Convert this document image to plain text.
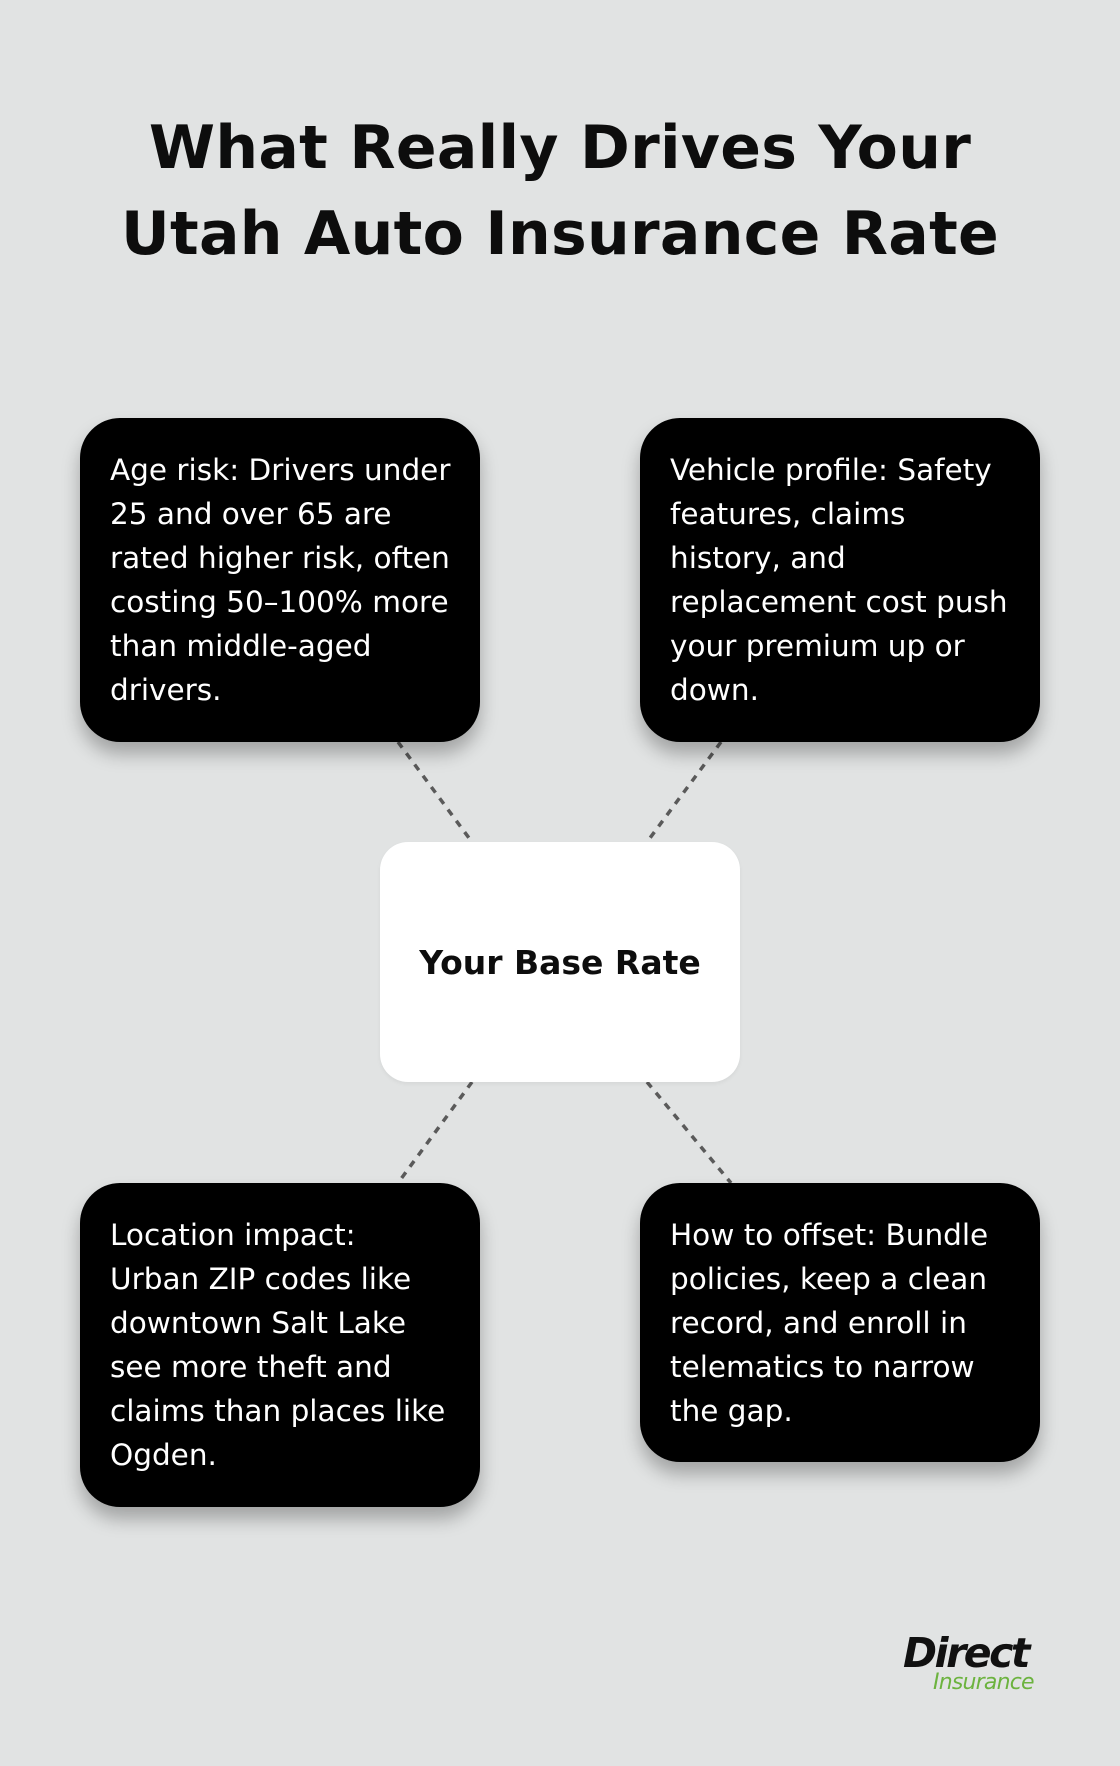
What Really Drives Your Utah Auto Insurance Rate
Age risk: Drivers under 25 and over 65 are rated higher risk, often costing 50–100% more than middle-aged drivers.
Vehicle profile: Safety features, claims history, and replacement cost push your premium up or down.
Location impact: Urban ZIP codes like downtown Salt Lake see more theft and claims than places like Ogden.
How to offset: Bundle policies, keep a clean record, and enroll in telematics to narrow the gap.
Your Base Rate
Direct
Insurance
